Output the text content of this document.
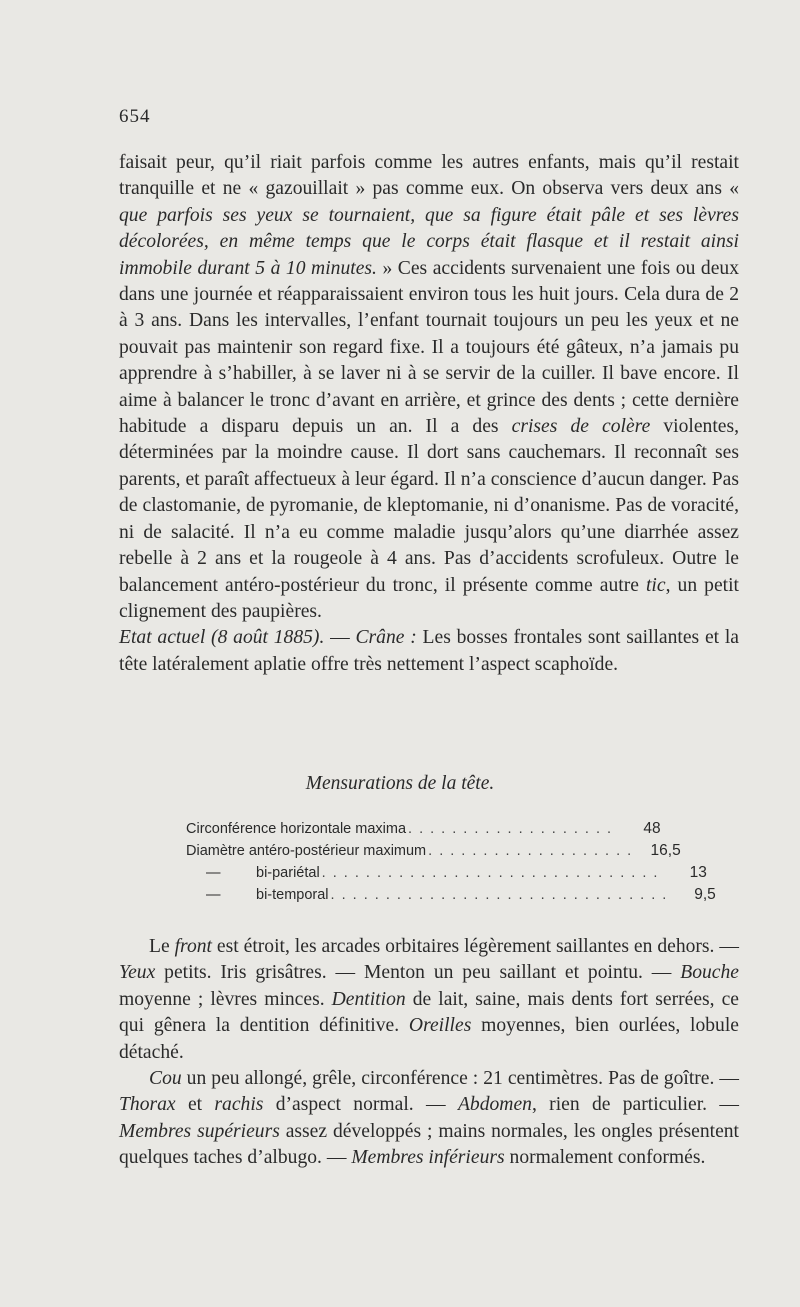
654

faisait peur, qu’il riait parfois comme les autres enfants, mais qu’il restait tranquille et ne « gazouillait » pas comme eux. On observa vers deux ans « que parfois ses yeux se tournaient, que sa figure était pâle et ses lèvres décolorées, en même temps que le corps était flasque et il restait ainsi immobile durant 5 à 10 minutes. » Ces accidents survenaient une fois ou deux dans une journée et réapparaissaient environ tous les huit jours. Cela dura de 2 à 3 ans. Dans les intervalles, l’enfant tournait toujours un peu les yeux et ne pouvait pas maintenir son regard fixe. Il a toujours été gâteux, n’a jamais pu apprendre à s’habiller, à se laver ni à se servir de la cuiller. Il bave encore. Il aime à balancer le tronc d’avant en arrière, et grince des dents ; cette dernière habitude a disparu depuis un an. Il a des crises de colère violentes, déterminées par la moindre cause. Il dort sans cauchemars. Il reconnaît ses parents, et paraît affectueux à leur égard. Il n’a conscience d’aucun danger. Pas de clastomanie, de pyromanie, de kleptomanie, ni d’onanisme. Pas de voracité, ni de salacité. Il n’a eu comme maladie jusqu’alors qu’une diarrhée assez rebelle à 2 ans et la rougeole à 4 ans. Pas d’accidents scrofuleux. Outre le balancement antéro-postérieur du tronc, il présente comme autre tic, un petit clignement des paupières.

Etat actuel (8 août 1885). — Crâne : Les bosses frontales sont saillantes et la tête latéralement aplatie offre très nettement l’aspect scaphoïde.

Mensurations de la tête.
Circonférence horizontale maxima . . . . . . . . . . . . . . . . . . .	48
Diamètre antéro-postérieur maximum . . . . . . . . . . . . . . . . . . .	16,5
— bi-pariétal . . . . . . . . . . . . . . . . . . . . . . . . . . . . . . .	13
— bi-temporal . . . . . . . . . . . . . . . . . . . . . . . . . . . . . . .	9,5

Le front est étroit, les arcades orbitaires légèrement saillantes en dehors. — Yeux petits. Iris grisâtres. — Menton un peu saillant et pointu. — Bouche moyenne ; lèvres minces. Dentition de lait, saine, mais dents fort serrées, ce qui gênera la dentition définitive. Oreilles moyennes, bien ourlées, lobule détaché.

Cou un peu allongé, grêle, circonférence : 21 centimètres. Pas de goître. — Thorax et rachis d’aspect normal. — Abdomen, rien de particulier. — Membres supérieurs assez développés ; mains normales, les ongles présentent quelques taches d’albugo. — Membres inférieurs normalement conformés.
